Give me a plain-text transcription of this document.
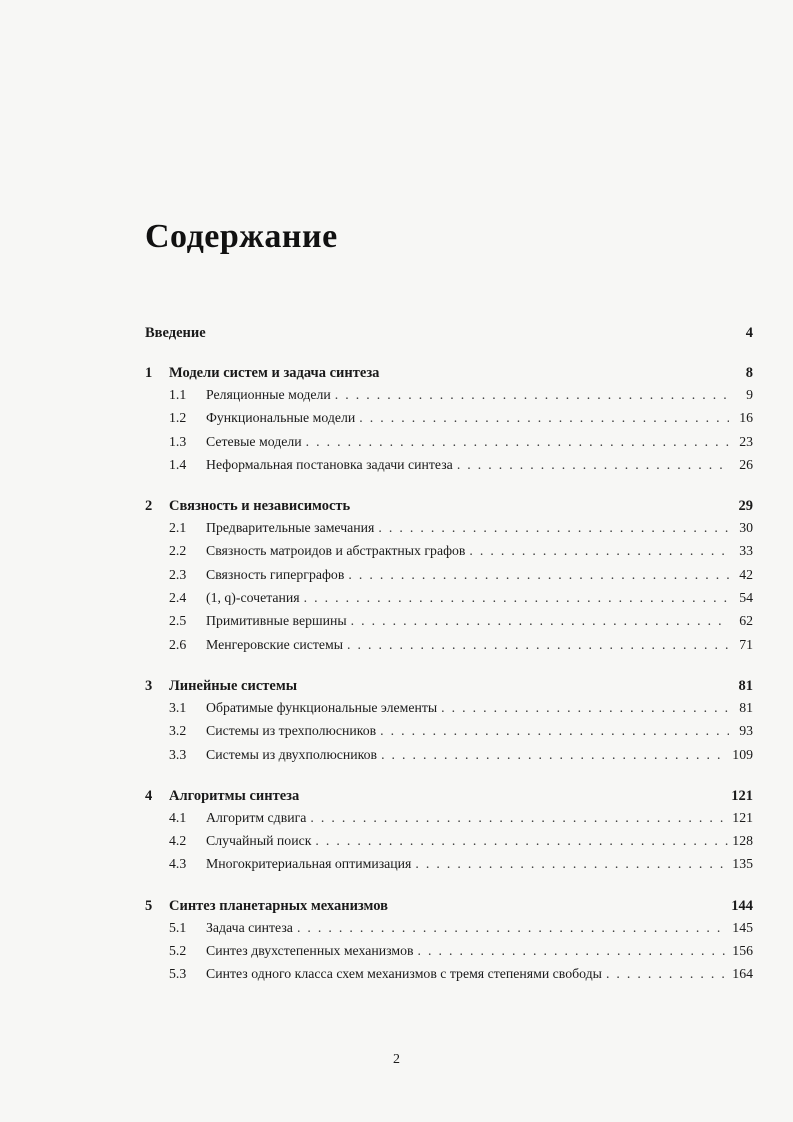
Содержание
Введение	4
1	Модели систем и задача синтеза	8
1.1	Реляционные модели . . .	9
1.2	Функциональные модели . . .	16
1.3	Сетевые модели . . .	23
1.4	Неформальная постановка задачи синтеза . . .	26
2	Связность и независимость	29
2.1	Предварительные замечания . . .	30
2.2	Связность матроидов и абстрактных графов . . .	33
2.3	Связность гиперграфов . . .	42
2.4	(1, q)-сочетания . . .	54
2.5	Примитивные вершины . . .	62
2.6	Менгеровские системы . . .	71
3	Линейные системы	81
3.1	Обратимые функциональные элементы . . .	81
3.2	Системы из трехполюсников . . .	93
3.3	Системы из двухполюсников . . .	109
4	Алгоритмы синтеза	121
4.1	Алгоритм сдвига . . .	121
4.2	Случайный поиск . . .	128
4.3	Многокритериальная оптимизация . . .	135
5	Синтез планетарных механизмов	144
5.1	Задача синтеза . . .	145
5.2	Синтез двухстепенных механизмов . . .	156
5.3	Синтез одного класса схем механизмов с тремя степенями свободы . . .	164
2
